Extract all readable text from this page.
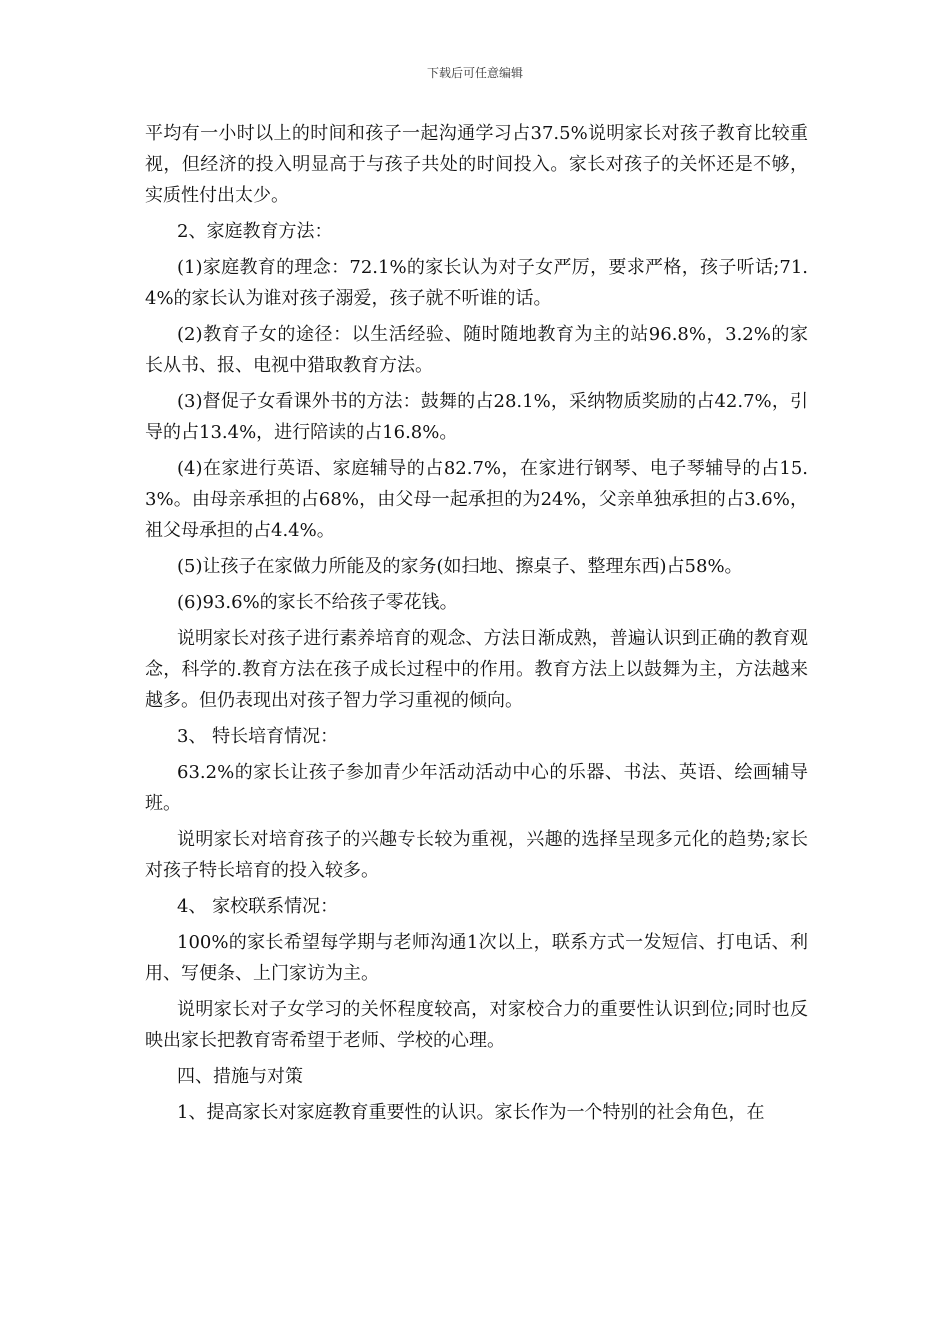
下载后可任意编辑

平均有一小时以上的时间和孩子一起沟通学习占37.5%说明家长对孩子教育比较重视，但经济的投入明显高于与孩子共处的时间投入。家长对孩子的关怀还是不够，实质性付出太少。

2、家庭教育方法：

(1)家庭教育的理念：72.1%的家长认为对子女严厉，要求严格，孩子听话;71.4%的家长认为谁对孩子溺爱，孩子就不听谁的话。

(2)教育子女的途径：以生活经验、随时随地教育为主的站96.8%，3.2%的家长从书、报、电视中猎取教育方法。

(3)督促子女看课外书的方法：鼓舞的占28.1%，采纳物质奖励的占42.7%，引导的占13.4%，进行陪读的占16.8%。

(4)在家进行英语、家庭辅导的占82.7%，在家进行钢琴、电子琴辅导的占15.3%。由母亲承担的占68%，由父母一起承担的为24%，父亲单独承担的占3.6%，祖父母承担的占4.4%。

(5)让孩子在家做力所能及的家务(如扫地、擦桌子、整理东西)占58%。

(6)93.6%的家长不给孩子零花钱。

说明家长对孩子进行素养培育的观念、方法日渐成熟，普遍认识到正确的教育观念，科学的.教育方法在孩子成长过程中的作用。教育方法上以鼓舞为主，方法越来越多。但仍表现出对孩子智力学习重视的倾向。

3、 特长培育情况：

63.2%的家长让孩子参加青少年活动活动中心的乐器、书法、英语、绘画辅导班。

说明家长对培育孩子的兴趣专长较为重视，兴趣的选择呈现多元化的趋势;家长对孩子特长培育的投入较多。

4、 家校联系情况：

100%的家长希望每学期与老师沟通1次以上，联系方式一发短信、打电话、利用、写便条、上门家访为主。

说明家长对子女学习的关怀程度较高，对家校合力的重要性认识到位;同时也反映出家长把教育寄希望于老师、学校的心理。

四、措施与对策

1、提高家长对家庭教育重要性的认识。家长作为一个特别的社会角色，在
